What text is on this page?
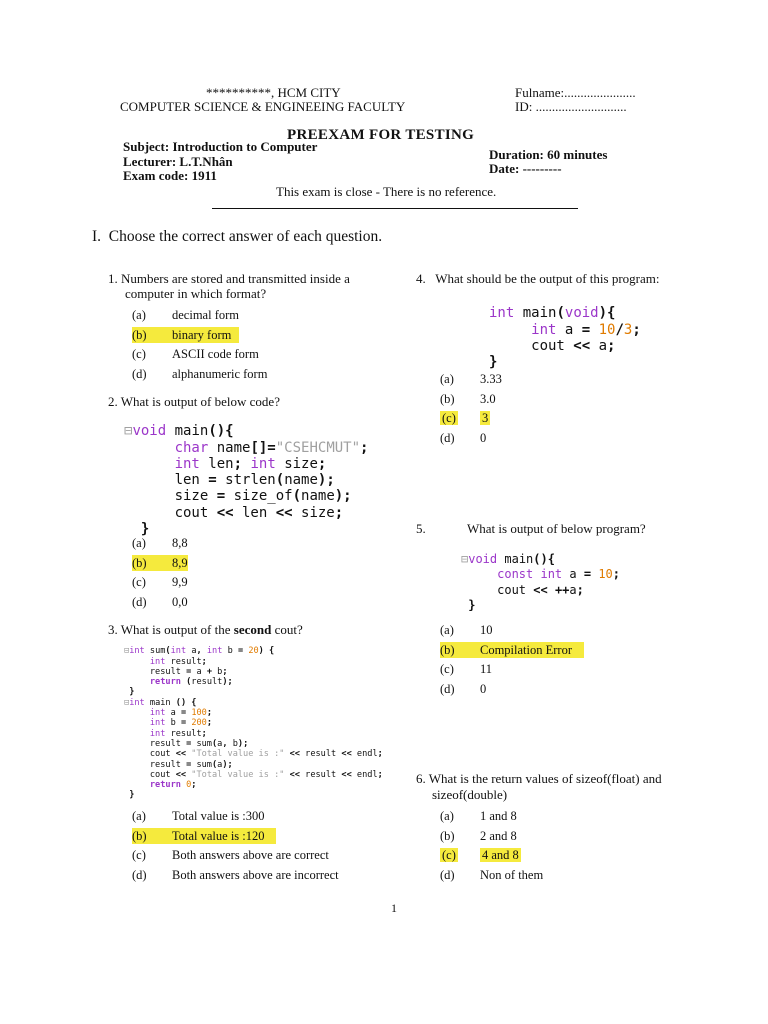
**********, HCM CITY
COMPUTER SCIENCE & ENGINEEING FACULTY
Fulname:......................
ID: ............................
PREEXAM FOR TESTING
Subject: Introduction to Computer
Lecturer: L.T.Nhân
Exam code: 1911
Duration: 60 minutes
Date: ---------
This exam is close - There is no reference.
I. Choose the correct answer of each question.
1. Numbers are stored and transmitted inside a
computer in which format?
(a) decimal form
(b) binary form
(c) ASCII code form
(d) alphanumeric form
2. What is output of below code?

⊟void main(){
char name[]="CSEHCMUT";
int len; int size;
len = strlen(name);
size = size_of(name);
cout << len << size;
}
(a) 8,8
(b) 8,9
(c) 9,9
(d) 0,0
3. What is output of the second cout?

⊟int sum(int a, int b = 20) {
int result;
result = a + b;
return (result);
}
⊟int main () {
int a = 100;
int b = 200;
int result;
result = sum(a, b);
cout << "Total value is :" << result << endl;
result = sum(a);
cout << "Total value is :" << result << endl;
return 0;
}
(a) Total value is :300
(b) Total value is :120
(c) Both answers above are correct
(d) Both answers above are incorrect
4. What should be the output of this program:

int main(void){
int a = 10/3;
cout << a;
}
(a) 3.33
(b) 3.0
(c) 3
(d) 0
5.	What is output of below program?

⊟void main(){
const int a = 10;
cout << ++a;
}
(a) 10
(b) Compilation Error
(c) 11
(d) 0
6. What is the return values of sizeof(float) and
sizeof(double)
(a) 1 and 8
(b) 2 and 8
(c) 4 and 8
(d) Non of them
1
